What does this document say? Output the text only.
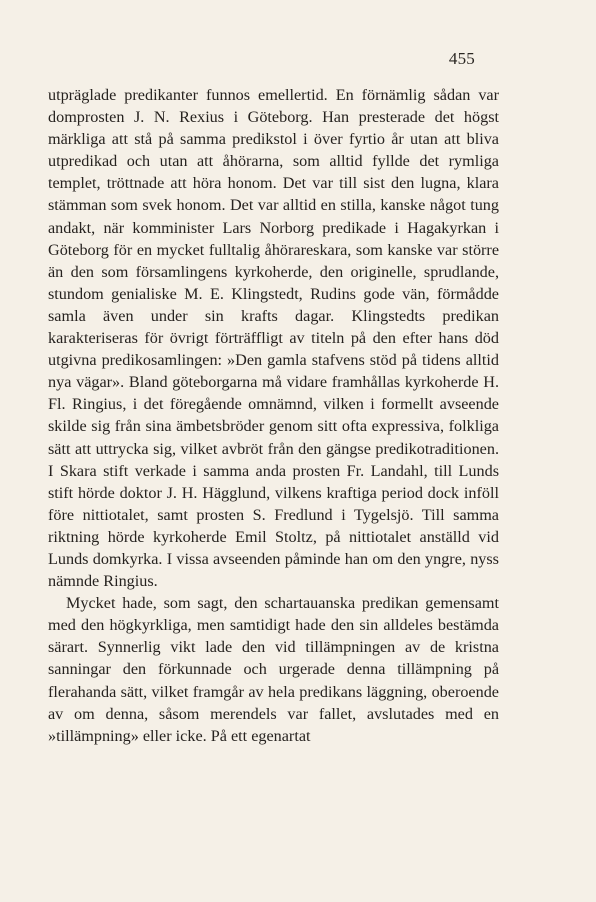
455

utpräglade predikanter funnos emellertid. En förnämlig sådan var domprosten J. N. Rexius i Göteborg. Han presterade det högst märkliga att stå på samma predikstol i över fyrtio år utan att bliva utpredikad och utan att åhörarna, som alltid fyllde det rymliga templet, tröttnade att höra honom. Det var till sist den lugna, klara stämman som svek honom. Det var alltid en stilla, kanske något tung andakt, när komminister Lars Norborg predikade i Hagakyrkan i Göteborg för en mycket fulltalig åhörareskara, som kanske var större än den som församlingens kyrkoherde, den originelle, sprudlande, stundom genialiske M. E. Klingstedt, Rudins gode vän, förmådde samla även under sin krafts dagar. Klingstedts predikan karakteriseras för övrigt förträffligt av titeln på den efter hans död utgivna predikosamlingen: »Den gamla stafvens stöd på tidens alltid nya vägar». Bland göteborgarna må vidare framhållas kyrkoherde H. Fl. Ringius, i det föregående omnämnd, vilken i formellt avseende skilde sig från sina ämbetsbröder genom sitt ofta expressiva, folkliga sätt att uttrycka sig, vilket avbröt från den gängse predikotraditionen. I Skara stift verkade i samma anda prosten Fr. Landahl, till Lunds stift hörde doktor J. H. Hägglund, vilkens kraftiga period dock inföll före nittiotalet, samt prosten S. Fredlund i Tygelsjö. Till samma riktning hörde kyrkoherde Emil Stoltz, på nittiotalet anställd vid Lunds domkyrka. I vissa avseenden påminde han om den yngre, nyss nämnde Ringius.

Mycket hade, som sagt, den schartauanska predikan gemensamt med den högkyrkliga, men samtidigt hade den sin alldeles bestämda särart. Synnerlig vikt lade den vid tillämpningen av de kristna sanningar den förkunnade och urgerade denna tillämpning på flerahanda sätt, vilket framgår av hela predikans läggning, oberoende av om denna, såsom merendels var fallet, avslutades med en »tillämpning» eller icke. På ett egenartat
